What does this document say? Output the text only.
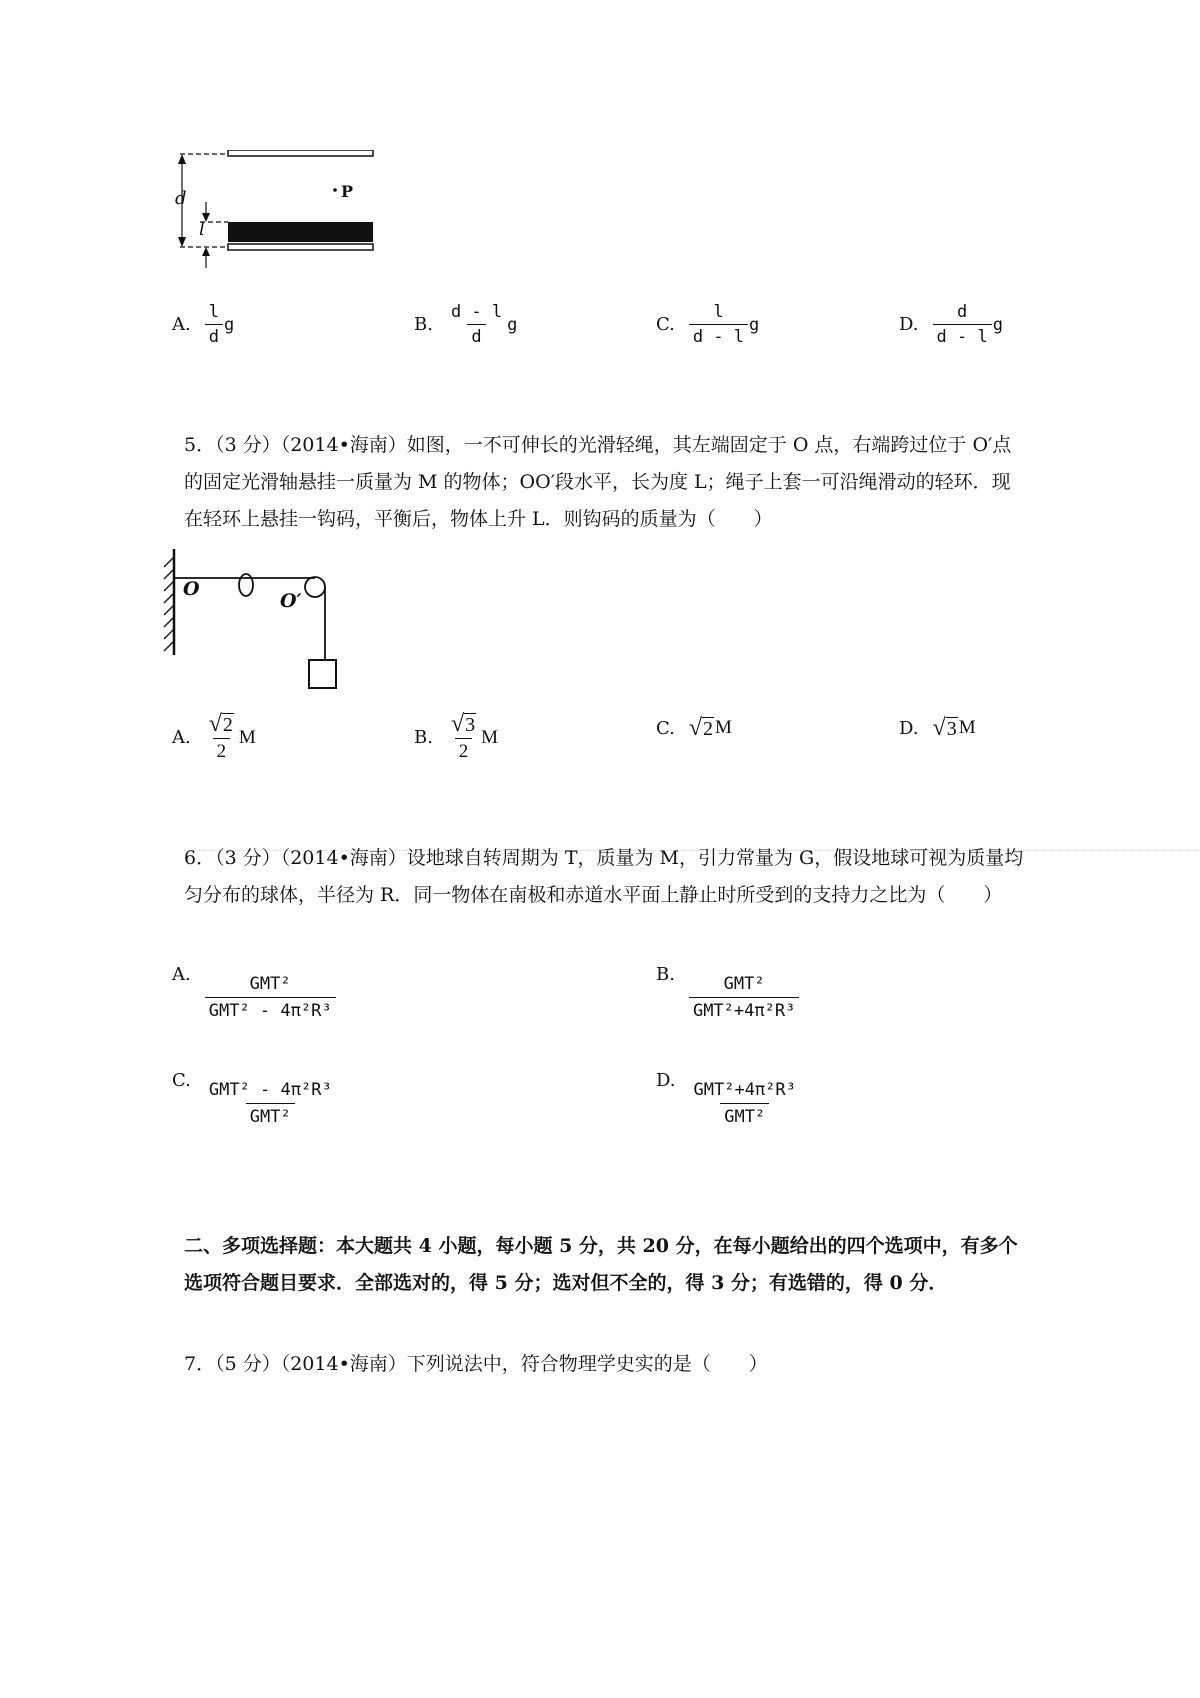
d
l
P
A. $\frac{l}{d}$ g	B. $\frac{d - l}{d}$ g	C. $\frac{l}{d - l}$ g	D. $\frac{d}{d - l}$ g
5．（3 分）（2014•海南）如图，一不可伸长的光滑轻绳，其左端固定于 O 点，右端跨过位于 O′点的固定光滑轴悬挂一质量为 M 的物体；OO′段水平，长为度 L；绳子上套一可沿绳滑动的轻环．现在轻环上悬挂一钩码，平衡后，物体上升 L．则钩码的质量为（　　）
O
O′
A. $\frac{√ 2}{2}$ M	B. $\frac{√ 3}{2}$ M	C. √ 2 M	D. √ 3 M
6．（3 分）（2014•海南）设地球自转周期为 T，质量为 M，引力常量为 G，假设地球可视为质量均匀分布的球体，半径为 R．同一物体在南极和赤道水平面上静止时所受到的支持力之比为（　　）
A. $\frac{\text{GMT²}}{\text{GMT² - 4π²R³}}$	B. $\frac{\text{GMT²}}{\text{GMT²+4π²R³}}$
C. $\frac{\text{GMT² - 4π²R³}}{\text{GMT²}}$	D. $\frac{\text{GMT²+4π²R³}}{\text{GMT²}}$
二、多项选择题：本大题共 4 小题，每小题 5 分，共 20 分，在每小题给出的四个选项中，有多个选项符合题目要求．全部选对的，得 5 分；选对但不全的，得 3 分；有选错的，得 0 分．
7．（5 分）（2014•海南）下列说法中，符合物理学史实的是（　　）
